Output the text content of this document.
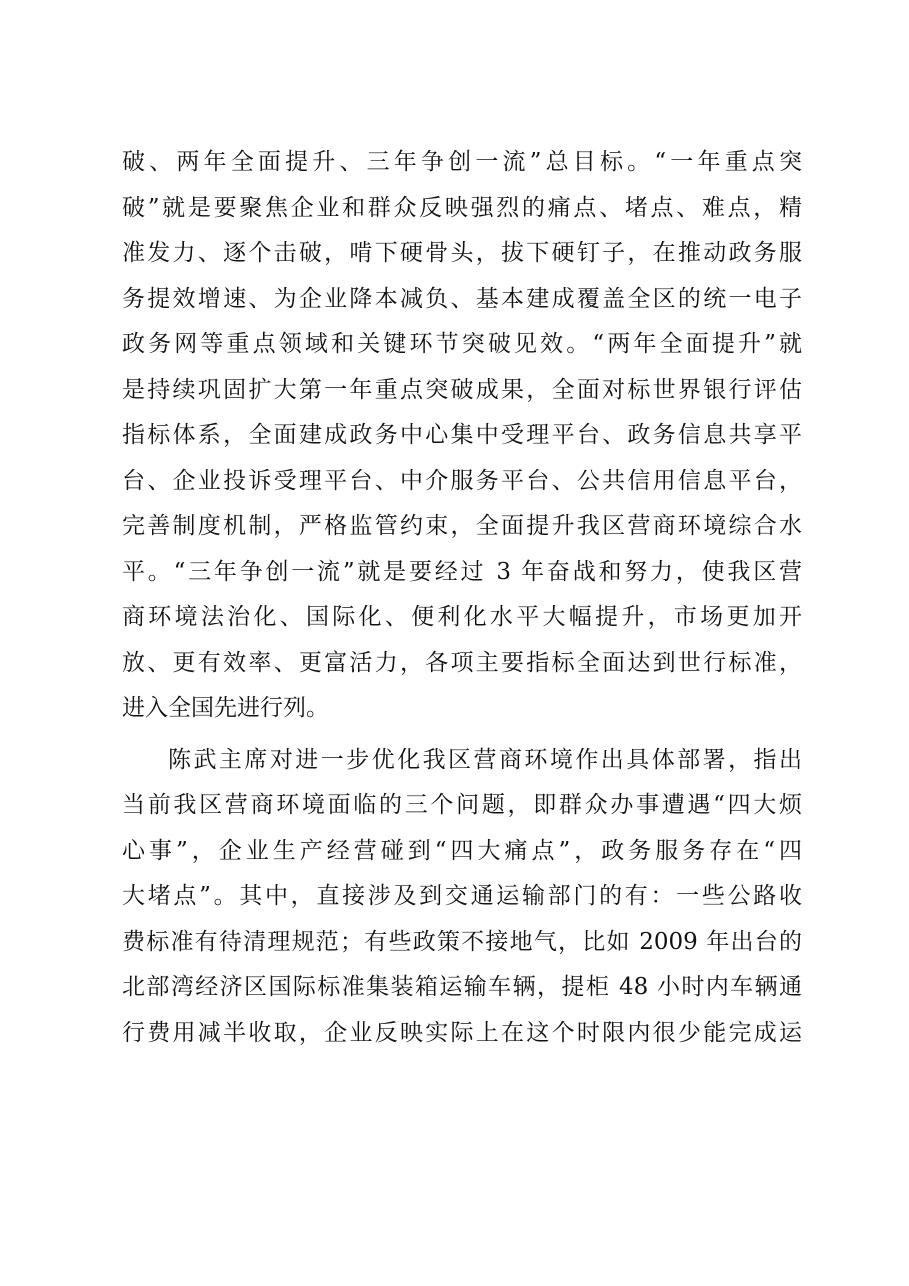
破、两年全面提升、三年争创一流”总目标。“一年重点突
破”就是要聚焦企业和群众反映强烈的痛点、堵点、难点，精
准发力、逐个击破，啃下硬骨头，拔下硬钉子，在推动政务服
务提效增速、为企业降本减负、基本建成覆盖全区的统一电子
政务网等重点领域和关键环节突破见效。“两年全面提升”就
是持续巩固扩大第一年重点突破成果，全面对标世界银行评估
指标体系，全面建成政务中心集中受理平台、政务信息共享平
台、企业投诉受理平台、中介服务平台、公共信用信息平台，
完善制度机制，严格监管约束，全面提升我区营商环境综合水
平。“三年争创一流”就是要经过 3 年奋战和努力，使我区营
商环境法治化、国际化、便利化水平大幅提升，市场更加开
放、更有效率、更富活力，各项主要指标全面达到世行标准，
进入全国先进行列。
陈武主席对进一步优化我区营商环境作出具体部署，指出
当前我区营商环境面临的三个问题，即群众办事遭遇“四大烦
心事”，企业生产经营碰到“四大痛点”，政务服务存在“四
大堵点”。其中，直接涉及到交通运输部门的有：一些公路收
费标准有待清理规范；有些政策不接地气，比如 2009 年出台的
北部湾经济区国际标准集装箱运输车辆，提柜 48 小时内车辆通
行费用减半收取，企业反映实际上在这个时限内很少能完成运
